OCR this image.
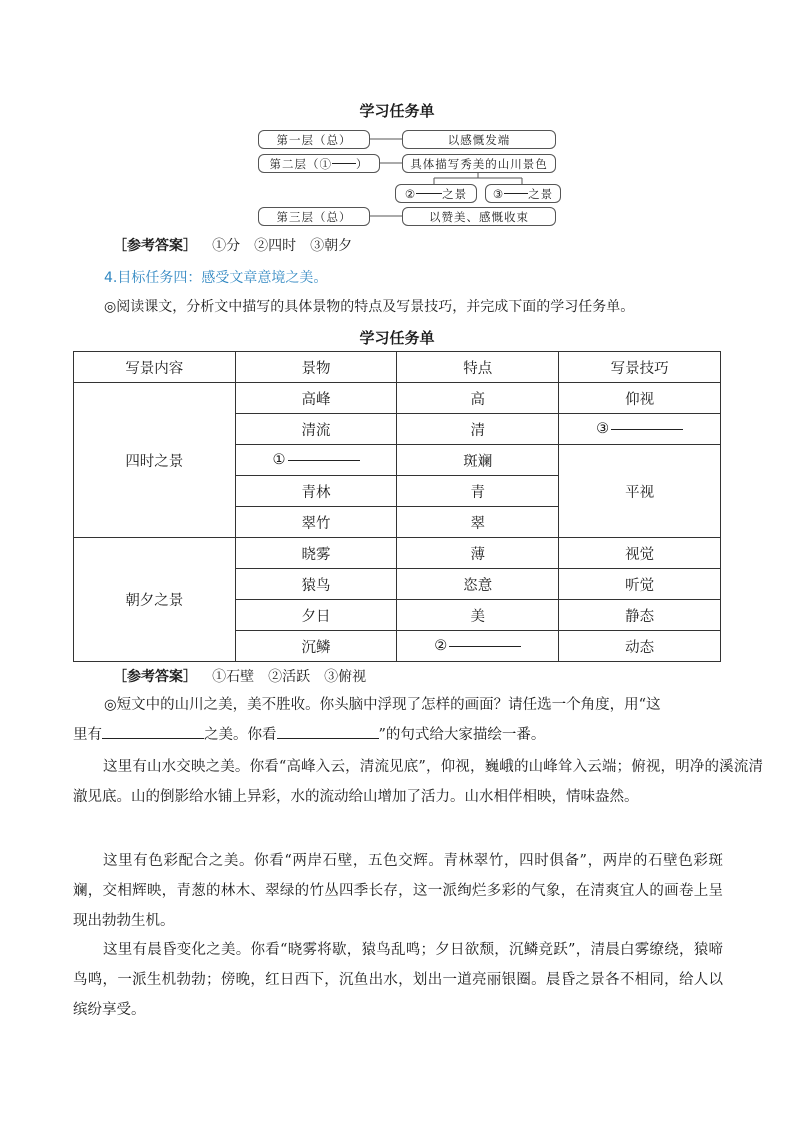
学习任务单
第一层（总）	以感慨发端
第二层（① ）	具体描写秀美的山川景色
② 之景 ③ 之景
第三层（总）	以赞美、感慨收束
［参考答案］ ①分　②四时　③朝夕
4.目标任务四：感受文章意境之美。
◎阅读课文，分析文中描写的具体景物的特点及写景技巧，并完成下面的学习任务单。
学习任务单
写景内容	景物	特点	写景技巧
四时之景	高峰	高	仰视
	清流	清	③
	①	斑斓	平视
	青林	青	
	翠竹	翠	
朝夕之景	晓雾	薄	视觉
	猿鸟	恣意	听觉
	夕日	美	静态
	沉鳞	②	动态
［参考答案］ ①石壁　②活跃　③俯视
◎短文中的山川之美，美不胜收。你头脑中浮现了怎样的画面？请任选一个角度，用“这
里有	之美。你看	”的句式给大家描绘一番。
这里有山水交映之美。你看“高峰入云，清流见底”，仰视，巍峨的山峰耸入云端；俯视，明净的溪流清澈见底。山的倒影给水铺上异彩，水的流动给山增加了活力。山水相伴相映，情味盎然。
这里有色彩配合之美。你看“两岸石壁，五色交辉。青林翠竹，四时俱备”，两岸的石壁色彩斑斓，交相辉映，青葱的林木、翠绿的竹丛四季长存，这一派绚烂多彩的气象，在清爽宜人的画卷上呈现出勃勃生机。
这里有晨昏变化之美。你看“晓雾将歇，猿鸟乱鸣；夕日欲颓，沉鳞竞跃”，清晨白雾缭绕，猿啼鸟鸣，一派生机勃勃；傍晚，红日西下，沉鱼出水，划出一道亮丽银圈。晨昏之景各不相同，给人以缤纷享受。
